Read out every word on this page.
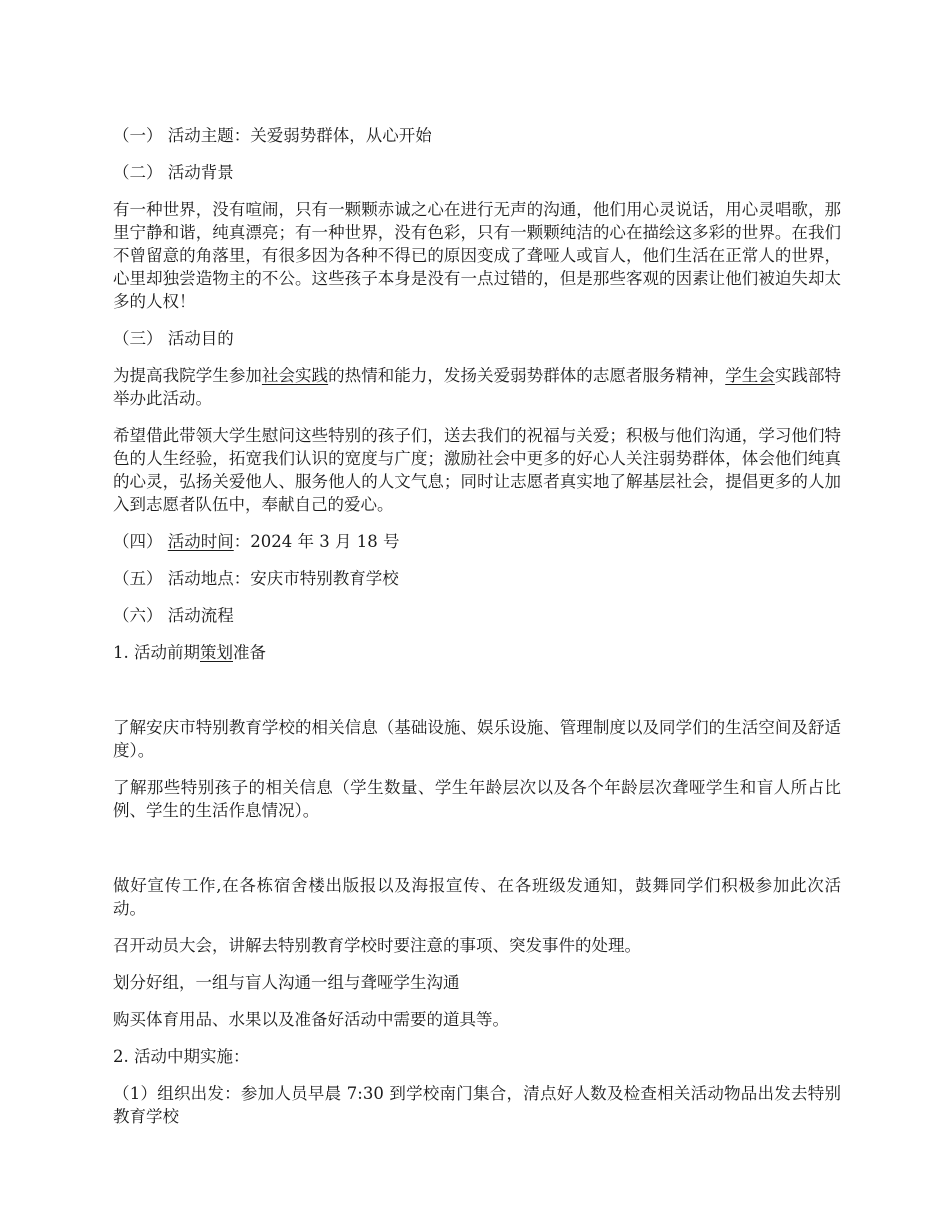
（一） 活动主题：关爱弱势群体，从心开始

（二） 活动背景

有一种世界，没有喧闹，只有一颗颗赤诚之心在进行无声的沟通，他们用心灵说话，用心灵唱歌，那里宁静和谐，纯真漂亮；有一种世界，没有色彩，只有一颗颗纯洁的心在描绘这多彩的世界。在我们不曾留意的角落里，有很多因为各种不得已的原因变成了聋哑人或盲人，他们生活在正常人的世界，心里却独尝造物主的不公。这些孩子本身是没有一点过错的，但是那些客观的因素让他们被迫失却太多的人权！

（三） 活动目的

为提高我院学生参加社会实践的热情和能力，发扬关爱弱势群体的志愿者服务精神，学生会实践部特举办此活动。

希望借此带领大学生慰问这些特别的孩子们，送去我们的祝福与关爱；积极与他们沟通，学习他们特色的人生经验，拓宽我们认识的宽度与广度；激励社会中更多的好心人关注弱势群体，体会他们纯真的心灵，弘扬关爱他人、服务他人的人文气息；同时让志愿者真实地了解基层社会，提倡更多的人加入到志愿者队伍中，奉献自己的爱心。

（四） 活动时间：2024 年 3 月 18 号

（五） 活动地点：安庆市特别教育学校

（六） 活动流程

1. 活动前期策划准备

了解安庆市特别教育学校的相关信息（基础设施、娱乐设施、管理制度以及同学们的生活空间及舒适度）。

了解那些特别孩子的相关信息（学生数量、学生年龄层次以及各个年龄层次聋哑学生和盲人所占比例、学生的生活作息情况）。

做好宣传工作,在各栋宿舍楼出版报以及海报宣传、在各班级发通知，鼓舞同学们积极参加此次活动。

召开动员大会，讲解去特别教育学校时要注意的事项、突发事件的处理。

划分好组，一组与盲人沟通一组与聋哑学生沟通

购买体育用品、水果以及准备好活动中需要的道具等。

2. 活动中期实施：

（1）组织出发：参加人员早晨 7:30 到学校南门集合，清点好人数及检查相关活动物品出发去特别教育学校
